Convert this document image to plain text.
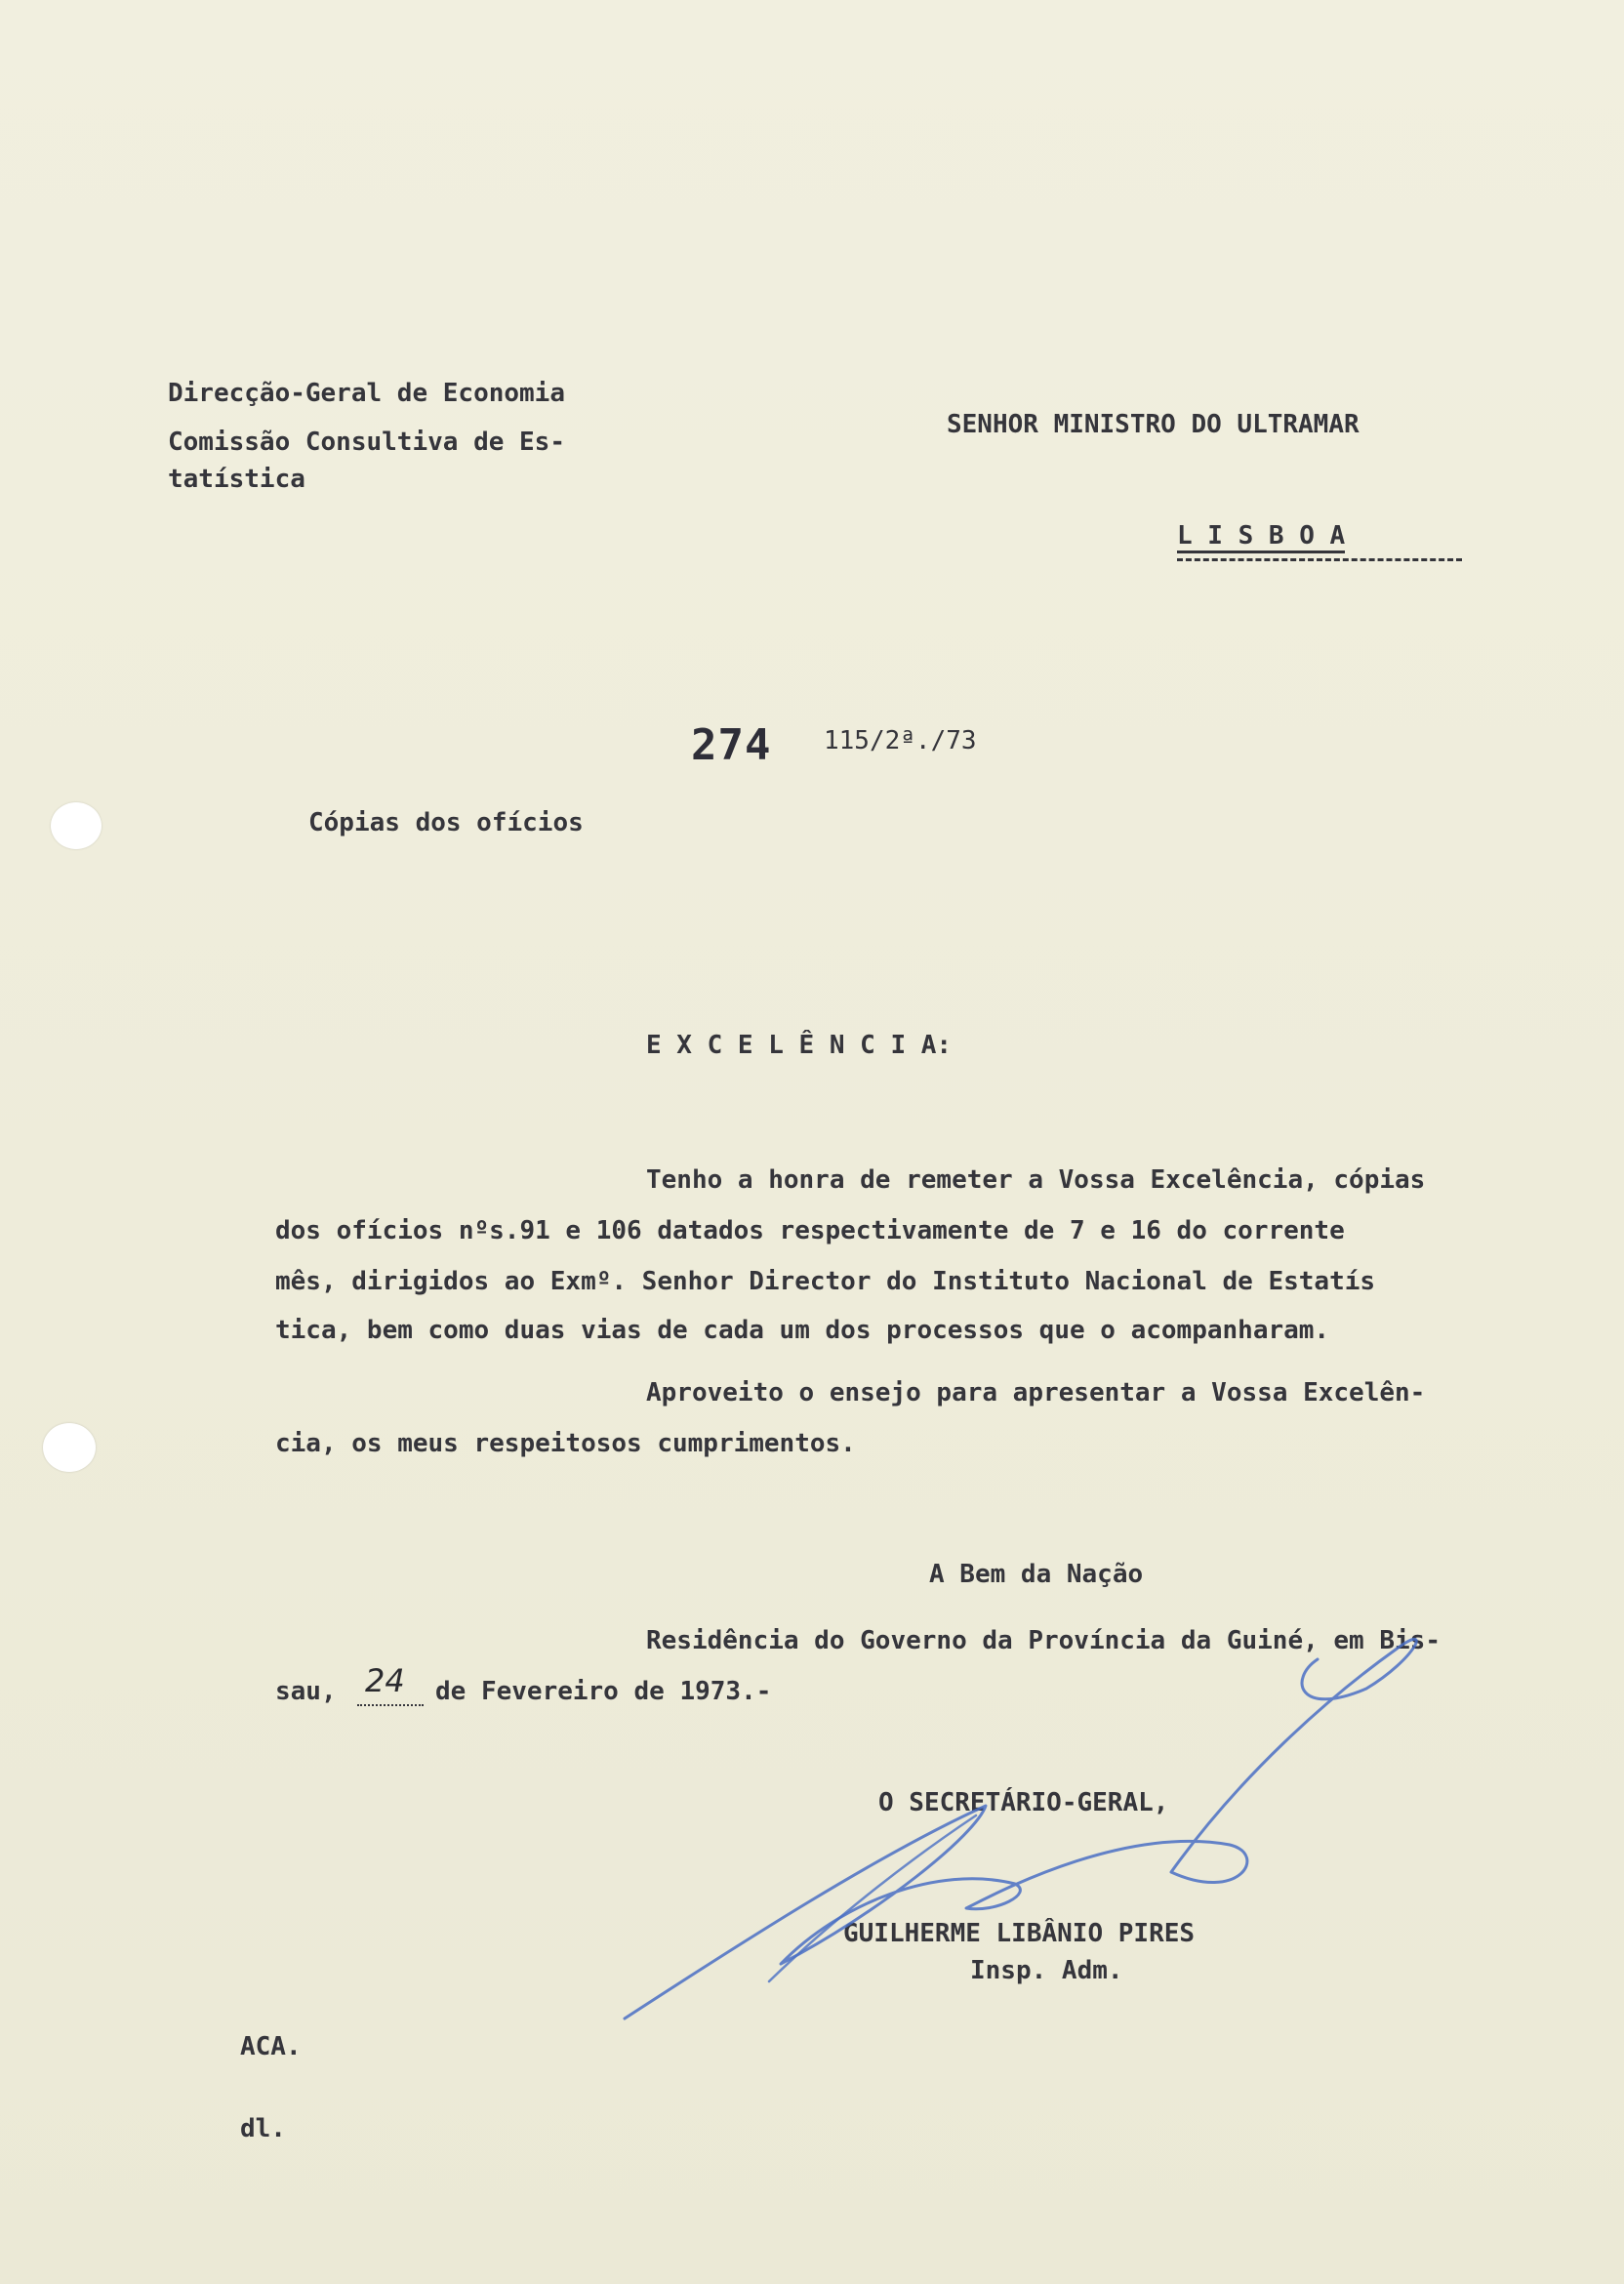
Direcção-Geral de Economia
Comissão Consultiva de Es-
tatística
SENHOR MINISTRO DO ULTRAMAR
L I S B O A
274 115/2ª./73
Cópias dos ofícios
E X C E L Ê N C I A:
Tenho a honra de remeter a Vossa Excelência, cópias
dos ofícios nºs.91 e 106 datados respectivamente de 7 e 16 do corrente
mês, dirigidos ao Exmº. Senhor Director do Instituto Nacional de Estatís
tica, bem como duas vias de cada um dos processos que o acompanharam.
Aproveito o ensejo para apresentar a Vossa Excelên-
cia, os meus respeitosos cumprimentos.
A Bem da Nação
Residência do Governo da Província da Guiné, em Bis-
sau, 24 de Fevereiro de 1973.-
O SECRETÁRIO-GERAL,
GUILHERME LIBÂNIO PIRES
Insp. Adm.
ACA.
dl.
